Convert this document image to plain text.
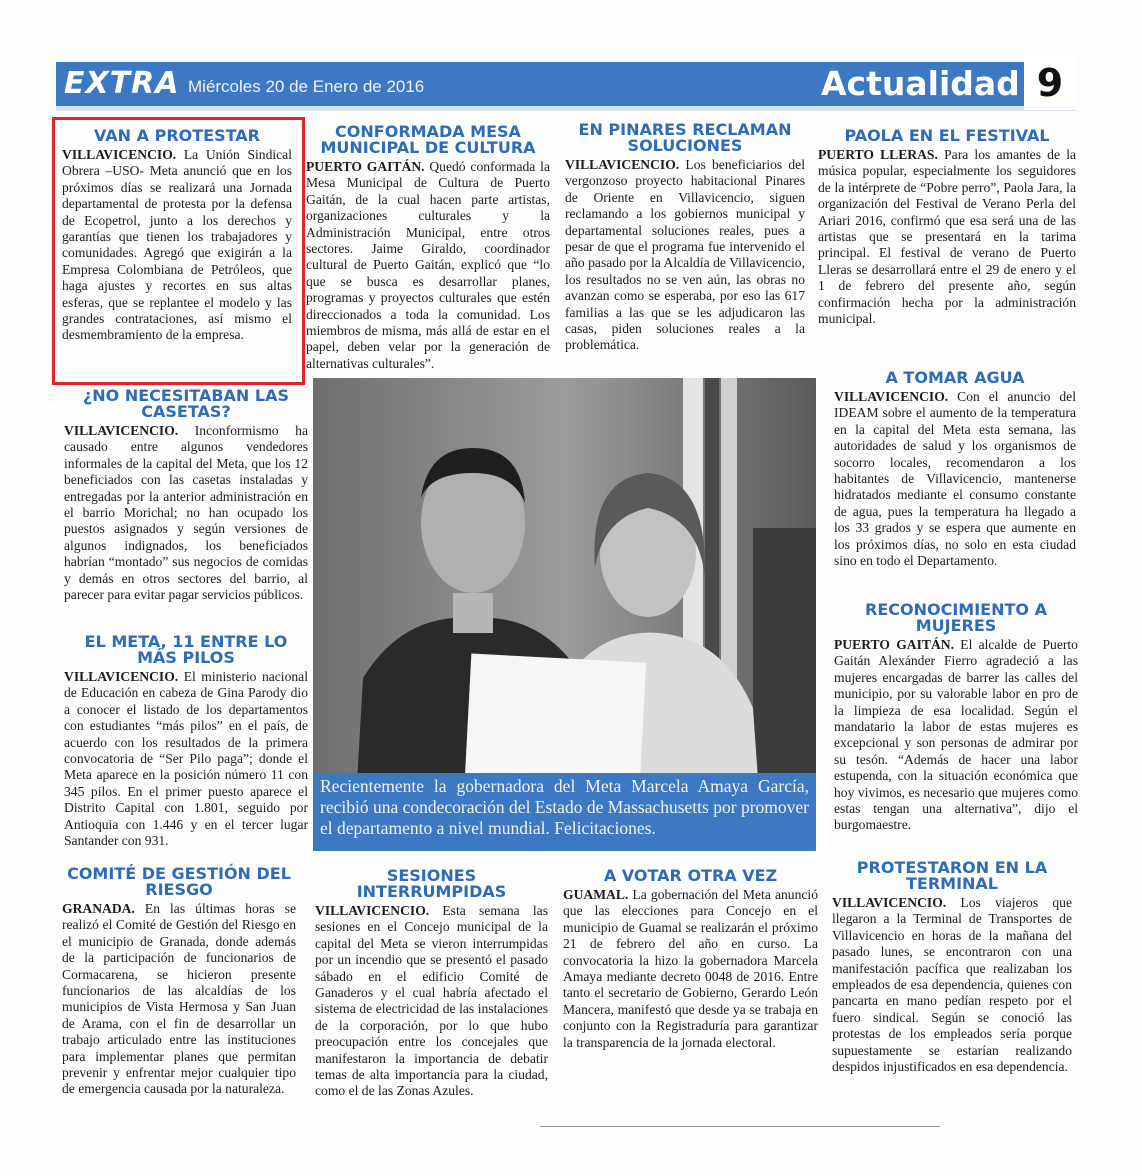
EXTRA Miércoles 20 de Enero de 2016	Actualidad 9
VAN A PROTESTAR

VILLAVICENCIO. La Unión Sindical Obrera –USO- Meta anunció que en los próximos días se realizará una Jornada departamental de protesta por la defensa de Ecopetrol, junto a los derechos y garantías que tienen los trabajadores y comunidades. Agregó que exigirán a la Empresa Colombiana de Petróleos, que haga ajustes y recortes en sus altas esferas, que se replantee el modelo y las grandes contrataciones, así mismo el desmembramiento de la empresa.

¿NO NECESITABAN LAS CASETAS?

VILLAVICENCIO. Inconformismo ha causado entre algunos vendedores informales de la capital del Meta, que los 12 beneficiados con las casetas instaladas y entregadas por la anterior administración en el barrio Morichal; no han ocupado los puestos asignados y según versiones de algunos indignados, los beneficiados habrían “montado” sus negocios de comidas y demás en otros sectores del barrio, al parecer para evitar pagar servicios públicos.

EL META, 11 ENTRE LO MÁS PILOS

VILLAVICENCIO. El ministerio nacional de Educación en cabeza de Gina Parody dio a conocer el listado de los departamentos con estudiantes “más pilos” en el país, de acuerdo con los resultados de la primera convocatoria de “Ser Pilo paga”; donde el Meta aparece en la posición número 11 con 345 pilos. En el primer puesto aparece el Distrito Capital con 1.801, seguido por Antioquia con 1.446 y en el tercer lugar Santander con 931.

COMITÉ DE GESTIÓN DEL RIESGO

GRANADA. En las últimas horas se realizó el Comité de Gestión del Riesgo en el municipio de Granada, donde además de la participación de funcionarios de Cormacarena, se hicieron presente funcionarios de las alcaldías de los municipios de Vista Hermosa y San Juan de Arama, con el fin de desarrollar un trabajo articulado entre las instituciones para implementar planes que permitan prevenir y enfrentar mejor cualquier tipo de emergencia causada por la naturaleza.

CONFORMADA MESA MUNICIPAL DE CULTURA

PUERTO GAITÁN. Quedó conformada la Mesa Municipal de Cultura de Puerto Gaitán, de la cual hacen parte artistas, organizaciones culturales y la Administración Municipal, entre otros sectores. Jaime Giraldo, coordinador cultural de Puerto Gaitán, explicó que “lo que se busca es desarrollar planes, programas y proyectos culturales que estén direccionados a toda la comunidad. Los miembros de misma, más allá de estar en el papel, deben velar por la generación de alternativas culturales”.

EN PINARES RECLAMAN SOLUCIONES

VILLAVICENCIO. Los beneficiarios del vergonzoso proyecto habitacional Pinares de Oriente en Villavicencio, siguen reclamando a los gobiernos municipal y departamental soluciones reales, pues a pesar de que el programa fue intervenido el año pasado por la Alcaldía de Villavicencio, los resultados no se ven aún, las obras no avanzan como se esperaba, por eso las 617 familias a las que se les adjudicaron las casas, piden soluciones reales a la problemática.

PAOLA EN EL FESTIVAL

PUERTO LLERAS. Para los amantes de la música popular, especialmente los seguidores de la intérprete de “Pobre perro”, Paola Jara, la organización del Festival de Verano Perla del Ariari 2016, confirmó que esa será una de las artistas que se presentará en la tarima principal. El festival de verano de Puerto Lleras se desarrollará entre el 29 de enero y el 1 de febrero del presente año, según confirmación hecha por la administración municipal.

A TOMAR AGUA

VILLAVICENCIO. Con el anuncio del IDEAM sobre el aumento de la temperatura en la capital del Meta esta semana, las autoridades de salud y los organismos de socorro locales, recomendaron a los habitantes de Villavicencio, mantenerse hidratados mediante el consumo constante de agua, pues la temperatura ha llegado a los 33 grados y se espera que aumente en los próximos días, no solo en esta ciudad sino en todo el Departamento.

RECONOCIMIENTO A MUJERES

PUERTO GAITÁN. El alcalde de Puerto Gaitán Alexánder Fierro agradeció a las mujeres encargadas de barrer las calles del municipio, por su valorable labor en pro de la limpieza de esa localidad. Según el mandatario la labor de estas mujeres es excepcional y son personas de admirar por su tesón. “Además de hacer una labor estupenda, con la situación económica que hoy vivimos, es necesario que mujeres como estas tengan una alternativa”, dijo el burgomaestre.

PROTESTARON EN LA TERMINAL

VILLAVICENCIO. Los viajeros que llegaron a la Terminal de Transportes de Villavicencio en horas de la mañana del pasado lunes, se encontraron con una manifestación pacífica que realizaban los empleados de esa dependencia, quienes con pancarta en mano pedían respeto por el fuero sindical. Según se conoció las protestas de los empleados sería porque supuestamente se estarían realizando despidos injustificados en esa dependencia.

Recientemente la gobernadora del Meta Marcela Amaya García, recibió una condecoración del Estado de Massachusetts por promover el departamento a nivel mundial. Felicitaciones.

SESIONES INTERRUMPIDAS

VILLAVICENCIO. Esta semana las sesiones en el Concejo municipal de la capital del Meta se vieron interrumpidas por un incendio que se presentó el pasado sábado en el edificio Comité de Ganaderos y el cual habría afectado el sistema de electricidad de las instalaciones de la corporación, por lo que hubo preocupación entre los concejales que manifestaron la importancia de debatir temas de alta importancia para la ciudad, como el de las Zonas Azules.

A VOTAR OTRA VEZ

GUAMAL. La gobernación del Meta anunció que las elecciones para Concejo en el municipio de Guamal se realizarán el próximo 21 de febrero del año en curso. La convocatoria la hizo la gobernadora Marcela Amaya mediante decreto 0048 de 2016. Entre tanto el secretario de Gobierno, Gerardo León Mancera, manifestó que desde ya se trabaja en conjunto con la Registraduría para garantizar la transparencia de la jornada electoral.
